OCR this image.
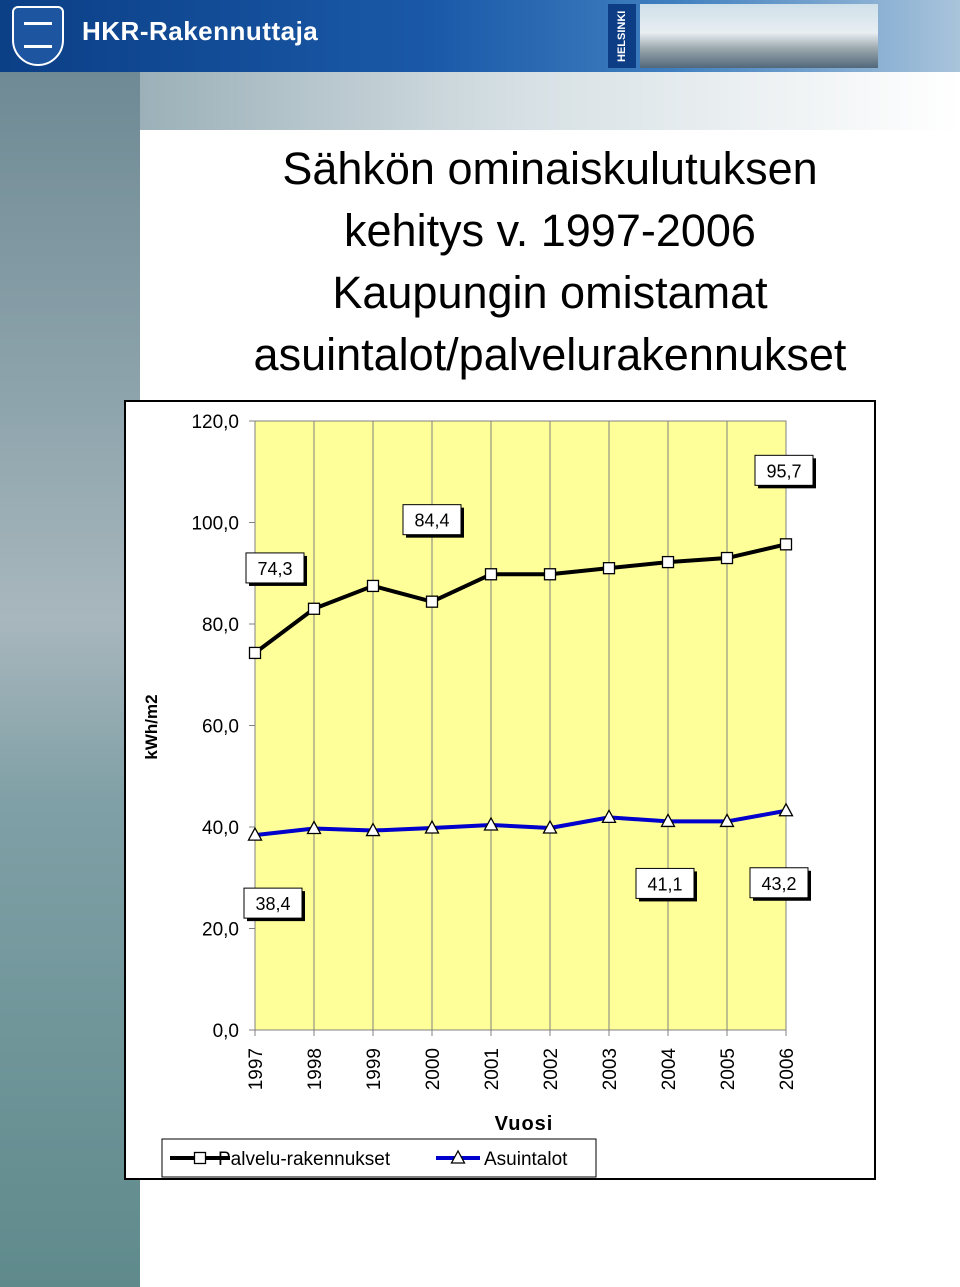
HKR-Rakennuttaja	HELSINKI
Sähkön ominaiskulutuksen
kehitys v. 1997-2006
Kaupungin omistamat
asuintalot/palvelurakennukset
0,0
20,0
40,0
60,0
80,0
100,0
120,0
1997 1998 1999 2000 2001 2002 2003 2004 2005 2006
kWh/m2
Vuosi
74,3
84,4
95,7
38,4
41,1	43,2
Palvelu-rakennukset	Asuintalot
